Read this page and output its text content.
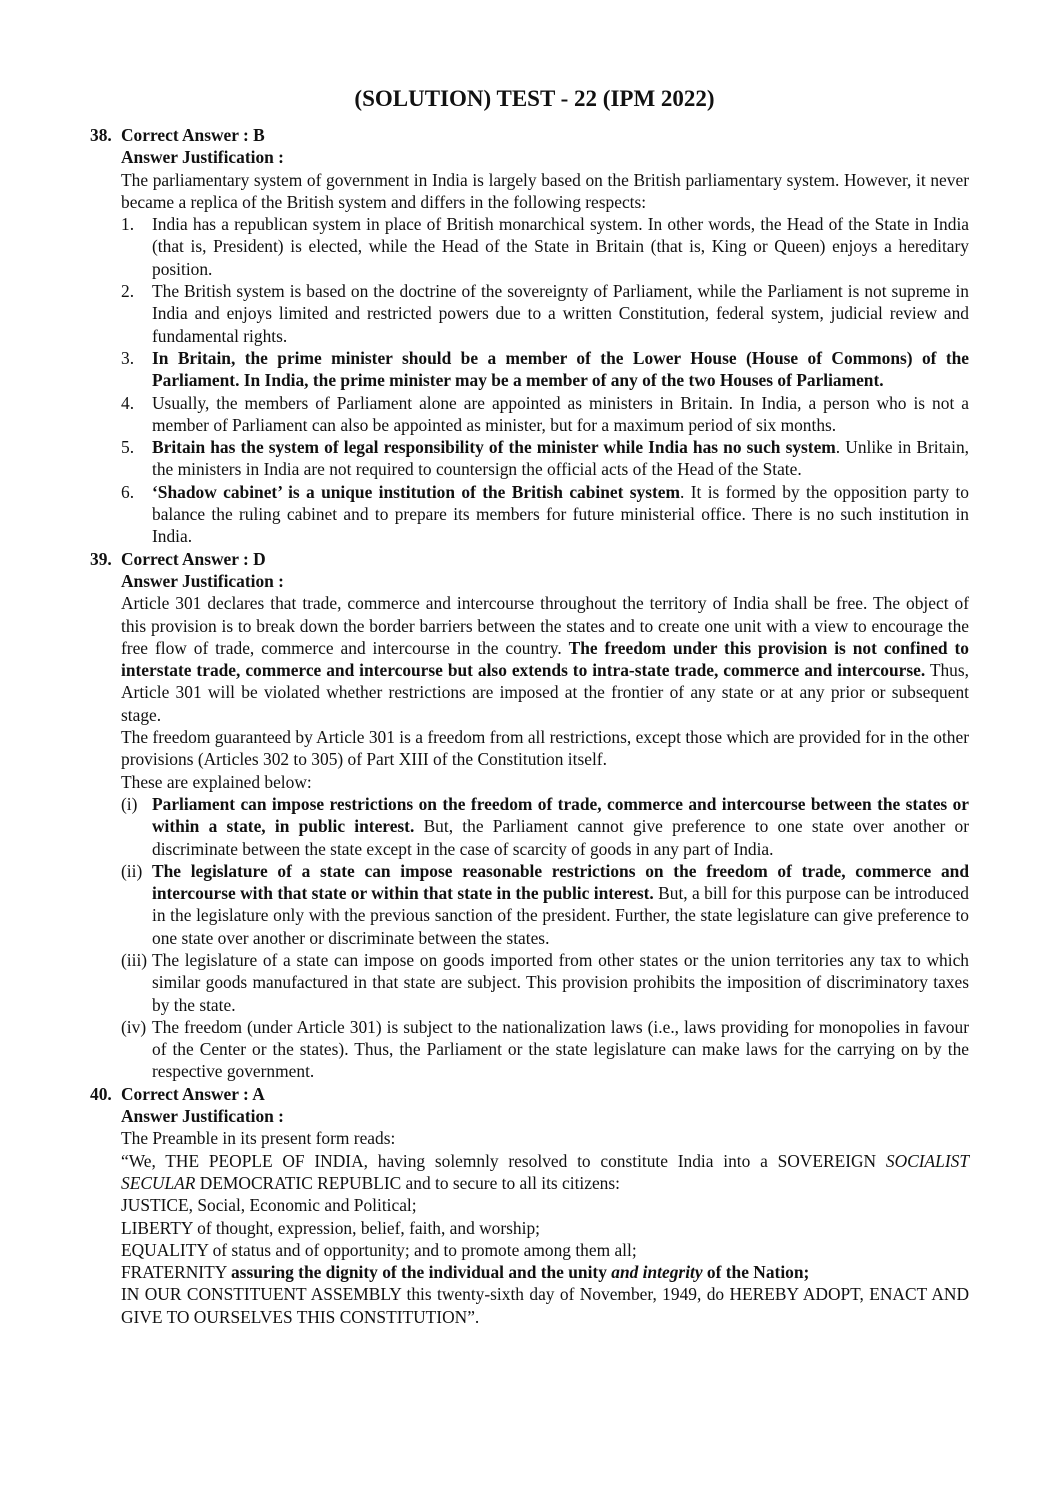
(SOLUTION) TEST - 22 (IPM 2022)
38. Correct Answer : B
Answer Justification :

The parliamentary system of government in India is largely based on the British parliamentary system. However, it never became a replica of the British system and differs in the following respects:

1.	India has a republican system in place of British monarchical system. In other words, the Head of the State in India (that is, President) is elected, while the Head of the State in Britain (that is, King or Queen) enjoys a hereditary position.
2.	The British system is based on the doctrine of the sovereignty of Parliament, while the Parliament is not supreme in India and enjoys limited and restricted powers due to a written Constitution, federal system, judicial review and fundamental rights.
3.	In Britain, the prime minister should be a member of the Lower House (House of Commons) of the Parliament. In India, the prime minister may be a member of any of the two Houses of Parliament.
4.	Usually, the members of Parliament alone are appointed as ministers in Britain. In India, a person who is not a member of Parliament can also be appointed as minister, but for a maximum period of six months.
5.	Britain has the system of legal responsibility of the minister while India has no such system. Unlike in Britain, the ministers in India are not required to countersign the official acts of the Head of the State.
6.	‘Shadow cabinet’ is a unique institution of the British cabinet system. It is formed by the opposition party to balance the ruling cabinet and to prepare its members for future ministerial office. There is no such institution in India.
39. Correct Answer : D
Answer Justification :

Article 301 declares that trade, commerce and intercourse throughout the territory of India shall be free. The object of this provision is to break down the border barriers between the states and to create one unit with a view to encourage the free flow of trade, commerce and intercourse in the country. The freedom under this provision is not confined to interstate trade, commerce and intercourse but also extends to intra-state trade, commerce and intercourse. Thus, Article 301 will be violated whether restrictions are imposed at the frontier of any state or at any prior or subsequent stage.

The freedom guaranteed by Article 301 is a freedom from all restrictions, except those which are provided for in the other provisions (Articles 302 to 305) of Part XIII of the Constitution itself.

These are explained below:

(i) Parliament can impose restrictions on the freedom of trade, commerce and intercourse between the states or within a state, in public interest. But, the Parliament cannot give preference to one state over another or discriminate between the state except in the case of scarcity of goods in any part of India.
(ii) The legislature of a state can impose reasonable restrictions on the freedom of trade, commerce and intercourse with that state or within that state in the public interest. But, a bill for this purpose can be introduced in the legislature only with the previous sanction of the president. Further, the state legislature can give preference to one state over another or discriminate between the states.
(iii) The legislature of a state can impose on goods imported from other states or the union territories any tax to which similar goods manufactured in that state are subject. This provision prohibits the imposition of discriminatory taxes by the state.
(iv) The freedom (under Article 301) is subject to the nationalization laws (i.e., laws providing for monopolies in favour of the Center or the states). Thus, the Parliament or the state legislature can make laws for the carrying on by the respective government.
40. Correct Answer : A
Answer Justification :

The Preamble in its present form reads:

“We, THE PEOPLE OF INDIA, having solemnly resolved to constitute India into a SOVEREIGN SOCIALIST SECULAR DEMOCRATIC REPUBLIC and to secure to all its citizens:

JUSTICE, Social, Economic and Political;

LIBERTY of thought, expression, belief, faith, and worship;

EQUALITY of status and of opportunity; and to promote among them all;

FRATERNITY assuring the dignity of the individual and the unity and integrity of the Nation;

IN OUR CONSTITUENT ASSEMBLY this twenty-sixth day of November, 1949, do HEREBY ADOPT, ENACT AND GIVE TO OURSELVES THIS CONSTITUTION”.
